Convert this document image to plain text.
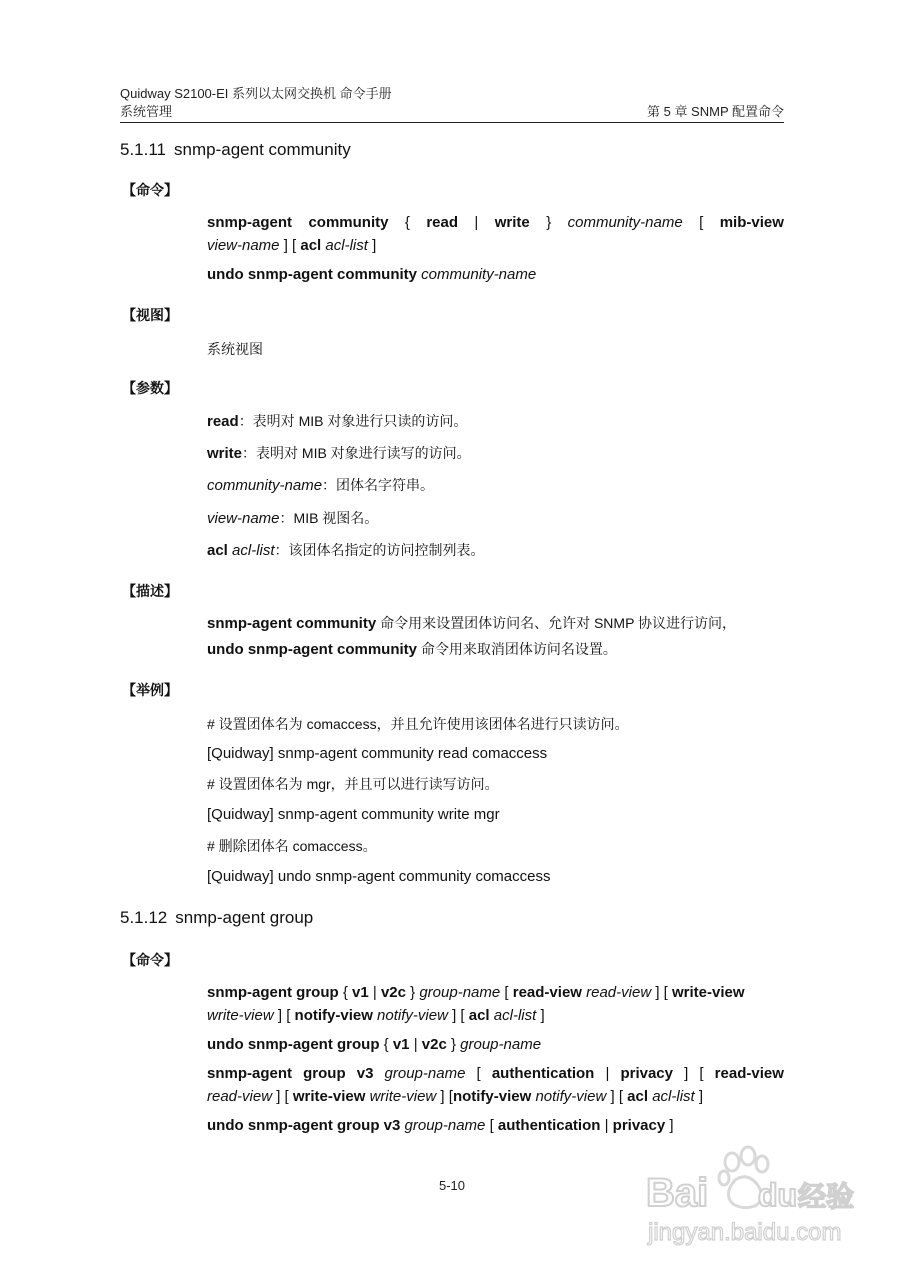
Quidway S2100-EI 系列以太网交换机 命令手册
系统管理	第 5 章 SNMP 配置命令
5.1.11 snmp-agent community
【命令】
snmp-agent community { read | write } community-name [ mib-view
view-name ] [ acl acl-list ]
undo snmp-agent community community-name
【视图】
系统视图
【参数】
read：表明对 MIB 对象进行只读的访问。
write：表明对 MIB 对象进行读写的访问。
community-name：团体名字符串。
view-name：MIB 视图名。
acl acl-list：该团体名指定的访问控制列表。
【描述】
snmp-agent community 命令用来设置团体访问名、允许对 SNMP 协议进行访问，
undo snmp-agent community 命令用来取消团体访问名设置。
【举例】
# 设置团体名为 comaccess，并且允许使用该团体名进行只读访问。
[Quidway] snmp-agent community read comaccess
# 设置团体名为 mgr，并且可以进行读写访问。
[Quidway] snmp-agent community write mgr
# 删除团体名 comaccess。
[Quidway] undo snmp-agent community comaccess
5.1.12 snmp-agent group
【命令】
snmp-agent group { v1 | v2c } group-name [ read-view read-view ] [ write-view
write-view ] [ notify-view notify-view ] [ acl acl-list ]
undo snmp-agent group { v1 | v2c } group-name
snmp-agent group v3 group-name [ authentication | privacy ] [ read-view
read-view ] [ write-view write-view ] [notify-view notify-view ] [ acl acl-list ]
undo snmp-agent group v3 group-name [ authentication | privacy ]
5-10	Bai du 经验
jingyan.baidu.com
